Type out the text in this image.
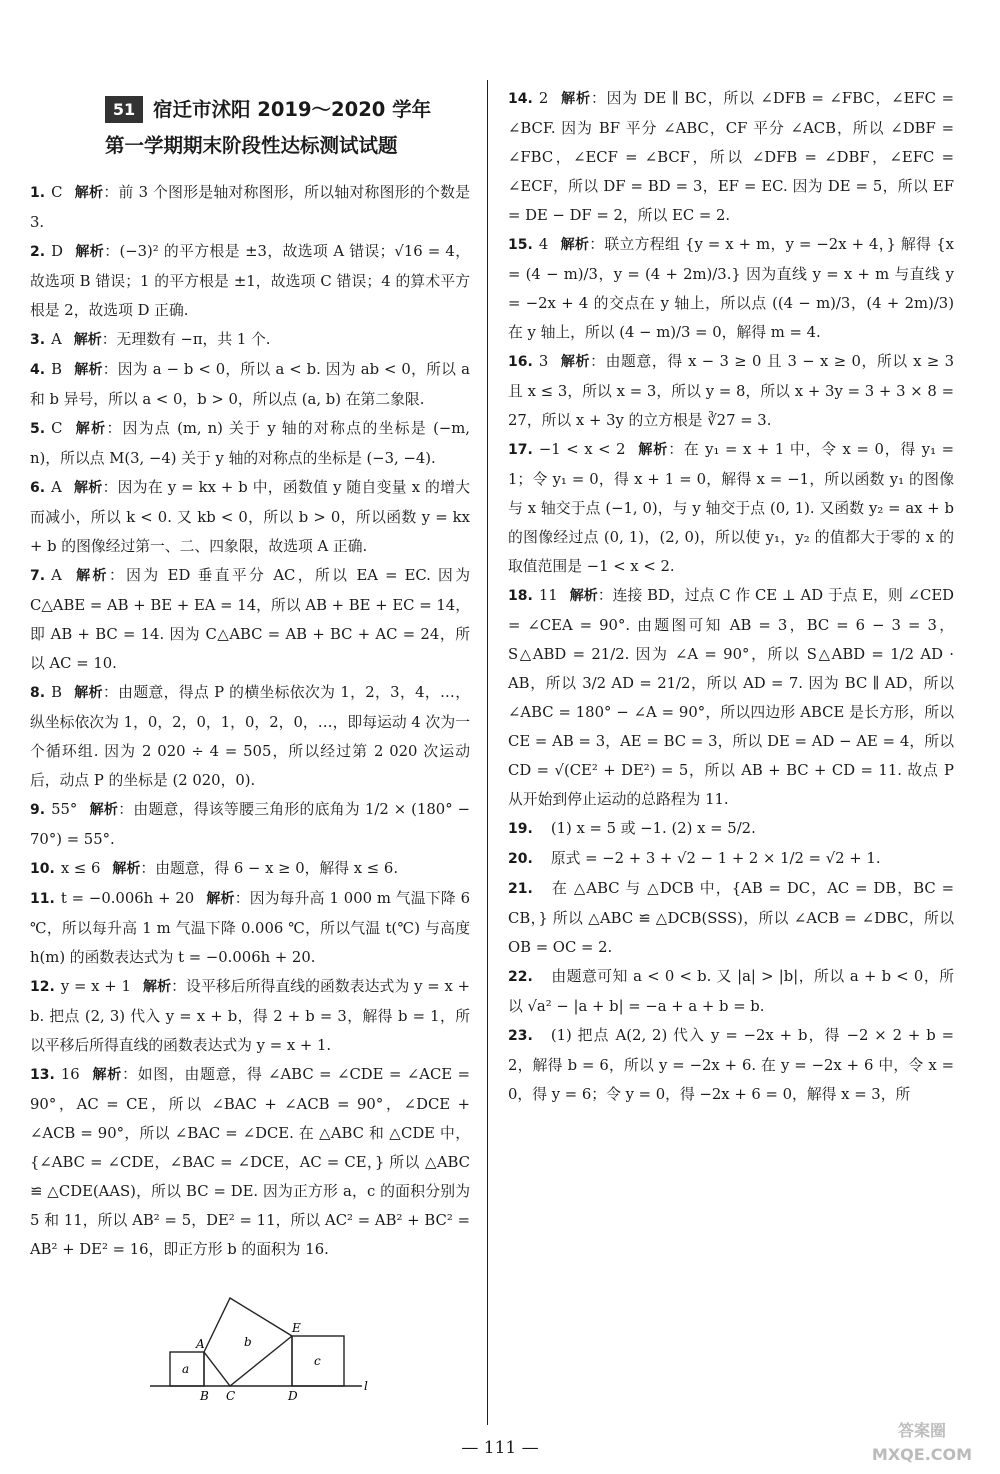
51 宿迁市沭阳 2019～2020 学年
第一学期期末阶段性达标测试试题
1. C 解析：前 3 个图形是轴对称图形，所以轴对称图形的个数是 3.
2. D 解析：(−3)² 的平方根是 ±3，故选项 A 错误；√16 = 4，故选项 B 错误；1 的平方根是 ±1，故选项 C 错误；4 的算术平方根是 2，故选项 D 正确.
3. A 解析：无理数有 −π，共 1 个.
4. B 解析：因为 a − b < 0，所以 a < b. 因为 ab < 0，所以 a 和 b 异号，所以 a < 0，b > 0，所以点 (a, b) 在第二象限.
5. C 解析：因为点 (m, n) 关于 y 轴的对称点的坐标是 (−m, n)，所以点 M(3, −4) 关于 y 轴的对称点的坐标是 (−3, −4).
6. A 解析：因为在 y = kx + b 中，函数值 y 随自变量 x 的增大而减小，所以 k < 0. 又 kb < 0，所以 b > 0，所以函数 y = kx + b 的图像经过第一、二、四象限，故选项 A 正确.
7. A 解析：因为 ED 垂直平分 AC，所以 EA = EC. 因为 C△ABE = AB + BE + EA = 14，所以 AB + BE + EC = 14，即 AB + BC = 14. 因为 C△ABC = AB + BC + AC = 24，所以 AC = 10.
8. B 解析：由题意，得点 P 的横坐标依次为 1，2，3，4，…，纵坐标依次为 1，0，2，0，1，0，2，0，…，即每运动 4 次为一个循环组. 因为 2 020 ÷ 4 = 505，所以经过第 2 020 次运动后，动点 P 的坐标是 (2 020，0).
9. 55° 解析：由题意，得该等腰三角形的底角为 1/2 × (180° − 70°) = 55°.
10. x ≤ 6 解析：由题意，得 6 − x ≥ 0，解得 x ≤ 6.
11. t = −0.006h + 20 解析：因为每升高 1 000 m 气温下降 6 ℃，所以每升高 1 m 气温下降 0.006 ℃，所以气温 t(℃) 与高度 h(m) 的函数表达式为 t = −0.006h + 20.
12. y = x + 1 解析：设平移后所得直线的函数表达式为 y = x + b. 把点 (2, 3) 代入 y = x + b，得 2 + b = 3，解得 b = 1，所以平移后所得直线的函数表达式为 y = x + 1.
13. 16 解析：如图，由题意，得 ∠ABC = ∠CDE = ∠ACE = 90°，AC = CE，所以 ∠BAC + ∠ACB = 90°，∠DCE + ∠ACB = 90°，所以 ∠BAC = ∠DCE. 在 △ABC 和 △CDE 中，{∠ABC = ∠CDE，∠BAC = ∠DCE，AC = CE，} 所以 △ABC ≌ △CDE(AAS)，所以 BC = DE. 因为正方形 a，c 的面积分别为 5 和 11，所以 AB² = 5，DE² = 11，所以 AC² = AB² + BC² = AB² + DE² = 16，即正方形 b 的面积为 16.
14. 2 解析：因为 DE ∥ BC，所以 ∠DFB = ∠FBC，∠EFC = ∠BCF. 因为 BF 平分 ∠ABC，CF 平分 ∠ACB，所以 ∠DBF = ∠FBC，∠ECF = ∠BCF，所以 ∠DFB = ∠DBF，∠EFC = ∠ECF，所以 DF = BD = 3，EF = EC. 因为 DE = 5，所以 EF = DE − DF = 2，所以 EC = 2.
15. 4 解析：联立方程组 {y = x + m，y = −2x + 4，} 解得 {x = (4 − m)/3，y = (4 + 2m)/3.} 因为直线 y = x + m 与直线 y = −2x + 4 的交点在 y 轴上，所以点 ((4 − m)/3，(4 + 2m)/3) 在 y 轴上，所以 (4 − m)/3 = 0，解得 m = 4.
16. 3 解析：由题意，得 x − 3 ≥ 0 且 3 − x ≥ 0，所以 x ≥ 3 且 x ≤ 3，所以 x = 3，所以 y = 8，所以 x + 3y = 3 + 3 × 8 = 27，所以 x + 3y 的立方根是 ∛27 = 3.
17. −1 < x < 2 解析：在 y₁ = x + 1 中，令 x = 0，得 y₁ = 1；令 y₁ = 0，得 x + 1 = 0，解得 x = −1，所以函数 y₁ 的图像与 x 轴交于点 (−1, 0)，与 y 轴交于点 (0, 1). 又函数 y₂ = ax + b 的图像经过点 (0, 1)，(2, 0)，所以使 y₁，y₂ 的值都大于零的 x 的取值范围是 −1 < x < 2.
18. 11 解析：连接 BD，过点 C 作 CE ⊥ AD 于点 E，则 ∠CED = ∠CEA = 90°. 由题图可知 AB = 3，BC = 6 − 3 = 3，S△ABD = 21/2. 因为 ∠A = 90°，所以 S△ABD = 1/2 AD · AB，所以 3/2 AD = 21/2，所以 AD = 7. 因为 BC ∥ AD，所以 ∠ABC = 180° − ∠A = 90°，所以四边形 ABCE 是长方形，所以 CE = AB = 3，AE = BC = 3，所以 DE = AD − AE = 4，所以 CD = √(CE² + DE²) = 5，所以 AB + BC + CD = 11. 故点 P 从开始到停止运动的总路程为 11.
19. (1) x = 5 或 −1. (2) x = 5/2.
20. 原式 = −2 + 3 + √2 − 1 + 2 × 1/2 = √2 + 1.
21. 在 △ABC 与 △DCB 中，{AB = DC，AC = DB，BC = CB，} 所以 △ABC ≌ △DCB(SSS)，所以 ∠ACB = ∠DBC，所以 OB = OC = 2.
22. 由题意可知 a < 0 < b. 又 |a| > |b|，所以 a + b < 0，所以 √a² − |a + b| = −a + a + b = b.
23. (1) 把点 A(2, 2) 代入 y = −2x + b，得 −2 × 2 + b = 2，解得 b = 6，所以 y = −2x + 6. 在 y = −2x + 6 中，令 x = 0，得 y = 6；令 y = 0，得 −2x + 6 = 0，解得 x = 3，所
A
B C	D
E
l
a
b
c
— 111 —
答案圈
MXQE.COM
